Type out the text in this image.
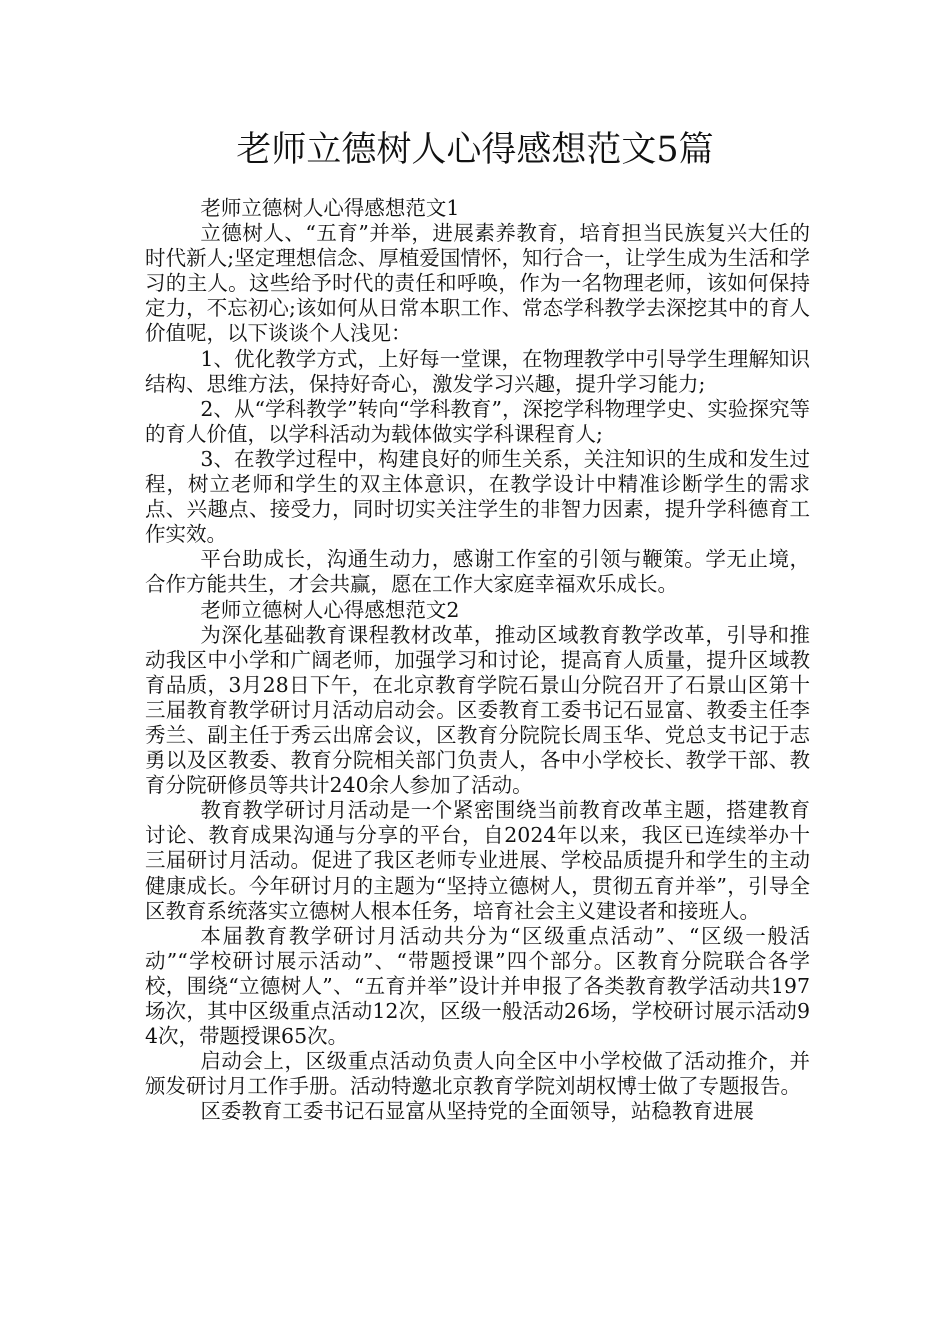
老师立德树人心得感想范文5篇

老师立德树人心得感想范文1

立德树人、“五育”并举，进展素养教育，培育担当民族复兴大任的时代新人;坚定理想信念、厚植爱国情怀，知行合一，让学生成为生活和学习的主人。这些给予时代的责任和呼唤，作为一名物理老师，该如何保持定力，不忘初心;该如何从日常本职工作、常态学科教学去深挖其中的育人价值呢，以下谈谈个人浅见：

1、优化教学方式，上好每一堂课，在物理教学中引导学生理解知识结构、思维方法，保持好奇心，激发学习兴趣，提升学习能力;

2、从“学科教学”转向“学科教育”，深挖学科物理学史、实验探究等的育人价值，以学科活动为载体做实学科课程育人;

3、在教学过程中，构建良好的师生关系，关注知识的生成和发生过程，树立老师和学生的双主体意识，在教学设计中精准诊断学生的需求点、兴趣点、接受力，同时切实关注学生的非智力因素，提升学科德育工作实效。

平台助成长，沟通生动力，感谢工作室的引领与鞭策。学无止境，合作方能共生，才会共赢，愿在工作大家庭幸福欢乐成长。

老师立德树人心得感想范文2

为深化基础教育课程教材改革，推动区域教育教学改革，引导和推动我区中小学和广阔老师，加强学习和讨论，提高育人质量，提升区域教育品质，3月28日下午，在北京教育学院石景山分院召开了石景山区第十三届教育教学研讨月活动启动会。区委教育工委书记石显富、教委主任李秀兰、副主任于秀云出席会议，区教育分院院长周玉华、党总支书记于志勇以及区教委、教育分院相关部门负责人，各中小学校长、教学干部、教育分院研修员等共计240余人参加了活动。

教育教学研讨月活动是一个紧密围绕当前教育改革主题，搭建教育讨论、教育成果沟通与分享的平台，自2024年以来，我区已连续举办十三届研讨月活动。促进了我区老师专业进展、学校品质提升和学生的主动健康成长。今年研讨月的主题为“坚持立德树人，贯彻五育并举”，引导全区教育系统落实立德树人根本任务，培育社会主义建设者和接班人。

本届教育教学研讨月活动共分为“区级重点活动”、“区级一般活动”“学校研讨展示活动”、“带题授课”四个部分。区教育分院联合各学校，围绕“立德树人”、“五育并举”设计并申报了各类教育教学活动共197场次，其中区级重点活动12次，区级一般活动26场，学校研讨展示活动94次，带题授课65次。

启动会上，区级重点活动负责人向全区中小学校做了活动推介，并颁发研讨月工作手册。活动特邀北京教育学院刘胡权博士做了专题报告。

区委教育工委书记石显富从坚持党的全面领导，站稳教育进展
